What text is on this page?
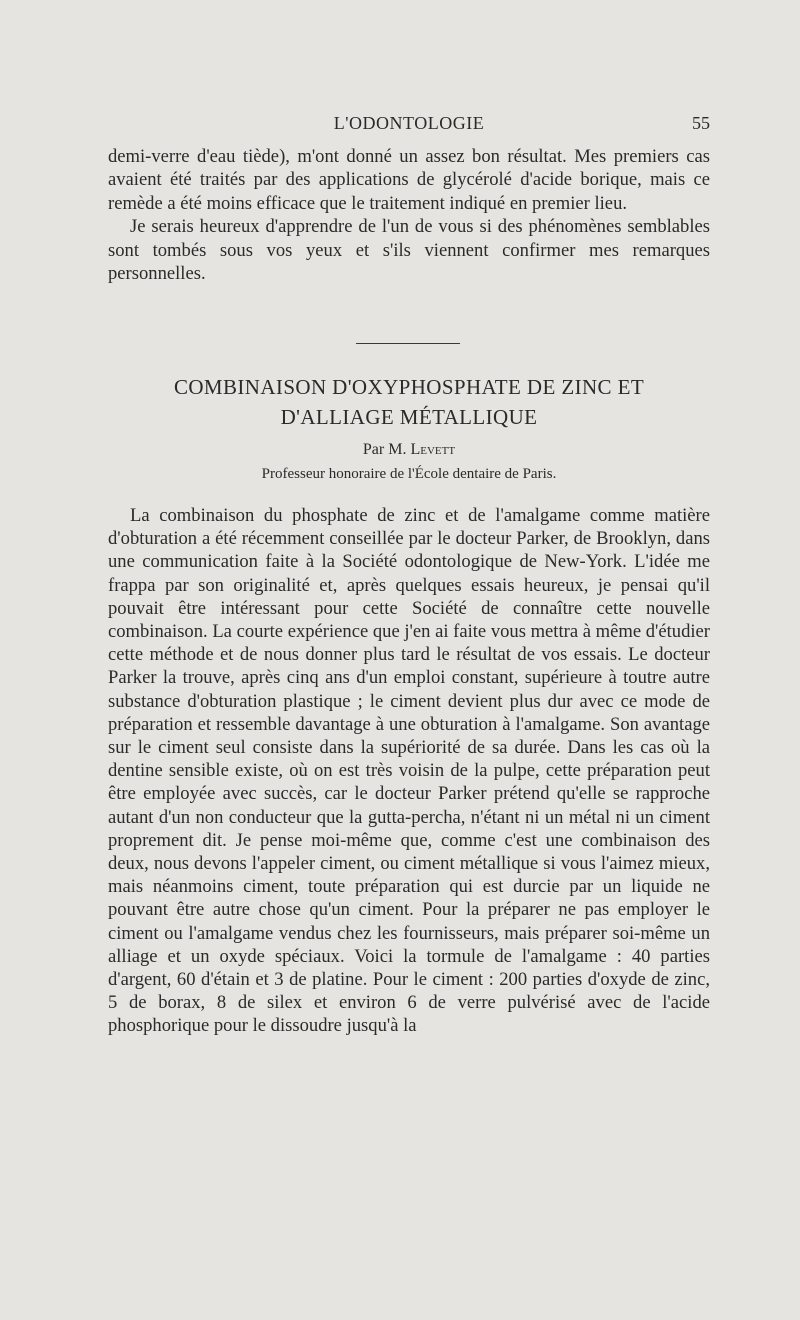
L'ODONTOLOGIE	55

demi-verre d'eau tiède), m'ont donné un assez bon résultat. Mes premiers cas avaient été traités par des applications de glycérolé d'acide borique, mais ce remède a été moins efficace que le traitement indiqué en premier lieu.

Je serais heureux d'apprendre de l'un de vous si des phénomènes semblables sont tombés sous vos yeux et s'ils viennent confirmer mes remarques personnelles.

COMBINAISON D'OXYPHOSPHATE DE ZINC ET
D'ALLIAGE MÉTALLIQUE
Par M. Levett
Professeur honoraire de l'École dentaire de Paris.

La combinaison du phosphate de zinc et de l'amalgame comme matière d'obturation a été récemment conseillée par le docteur Parker, de Brooklyn, dans une communication faite à la Société odontologique de New-York. L'idée me frappa par son originalité et, après quelques essais heureux, je pensai qu'il pouvait être intéressant pour cette Société de connaître cette nouvelle combinaison. La courte expérience que j'en ai faite vous mettra à même d'étudier cette méthode et de nous donner plus tard le résultat de vos essais. Le docteur Parker la trouve, après cinq ans d'un emploi constant, supérieure à toutre autre substance d'obturation plastique ; le ciment devient plus dur avec ce mode de préparation et ressemble davantage à une obturation à l'amalgame. Son avantage sur le ciment seul consiste dans la supériorité de sa durée. Dans les cas où la dentine sensible existe, où on est très voisin de la pulpe, cette préparation peut être employée avec succès, car le docteur Parker prétend qu'elle se rapproche autant d'un non conducteur que la gutta-percha, n'étant ni un métal ni un ciment proprement dit. Je pense moi-même que, comme c'est une combinaison des deux, nous devons l'appeler ciment, ou ciment métallique si vous l'aimez mieux, mais néanmoins ciment, toute préparation qui est durcie par un liquide ne pouvant être autre chose qu'un ciment. Pour la préparer ne pas employer le ciment ou l'amalgame vendus chez les fournisseurs, mais préparer soi-même un alliage et un oxyde spéciaux. Voici la tormule de l'amalgame : 40 parties d'argent, 60 d'étain et 3 de platine. Pour le ciment : 200 parties d'oxyde de zinc, 5 de borax, 8 de silex et environ 6 de verre pulvérisé avec de l'acide phosphorique pour le dissoudre jusqu'à la
